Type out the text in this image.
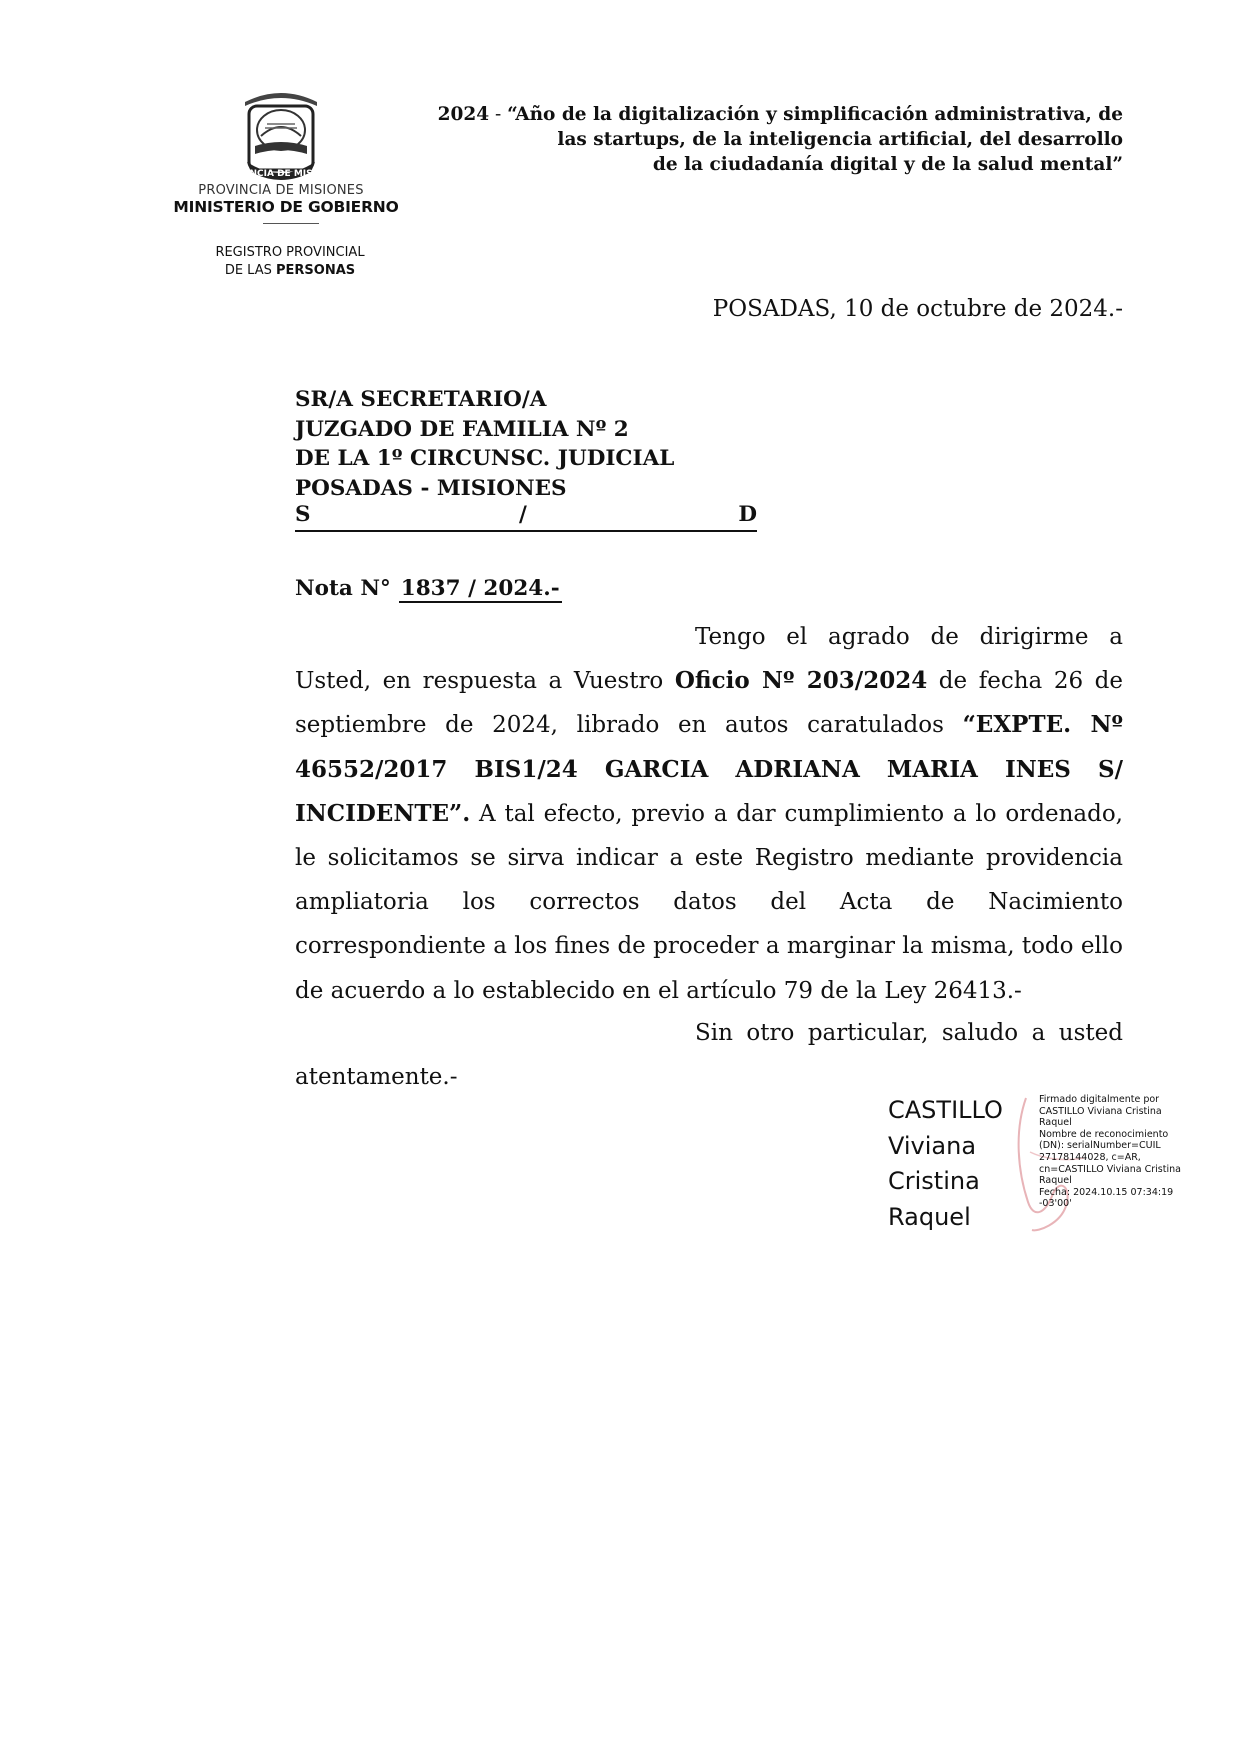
PROVINCIA DE MISIONES
PROVINCIA DE MISIONES
MINISTERIO DE GOBIERNO
REGISTRO PROVINCIAL
DE LAS PERSONAS
2024 - “Año de la digitalización y simplificación administrativa, de
las startups, de la inteligencia artificial, del desarrollo
de la ciudadanía digital y de la salud mental”
POSADAS, 10 de octubre de 2024.-
SR/A SECRETARIO/A
JUZGADO DE FAMILIA Nº 2
DE LA 1º CIRCUNSC. JUDICIAL
POSADAS - MISIONES
S	/	D
Nota N° 1837 / 2024.-

Tengo el agrado de dirigirme a Usted, en respuesta a Vuestro Oficio Nº 203/2024 de fecha 26 de septiembre de 2024, librado en autos caratulados “EXPTE. Nº 46552/2017 BIS1/24 GARCIA ADRIANA MARIA INES S/ INCIDENTE”. A tal efecto, previo a dar cumplimiento a lo ordenado, le solicitamos se sirva indicar a este Registro mediante providencia ampliatoria los correctos datos del Acta de Nacimiento correspondiente a los fines de proceder a marginar la misma, todo ello de acuerdo a lo establecido en el artículo 79 de la Ley 26413.-

Sin otro particular, saludo a usted atentamente.-

CASTILLO
Viviana
Cristina
Raquel
Firmado digitalmente por
CASTILLO Viviana Cristina
Raquel
Nombre de reconocimiento
(DN): serialNumber=CUIL
27178144028, c=AR,
cn=CASTILLO Viviana Cristina
Raquel
Fecha: 2024.10.15 07:34:19
-03'00'
